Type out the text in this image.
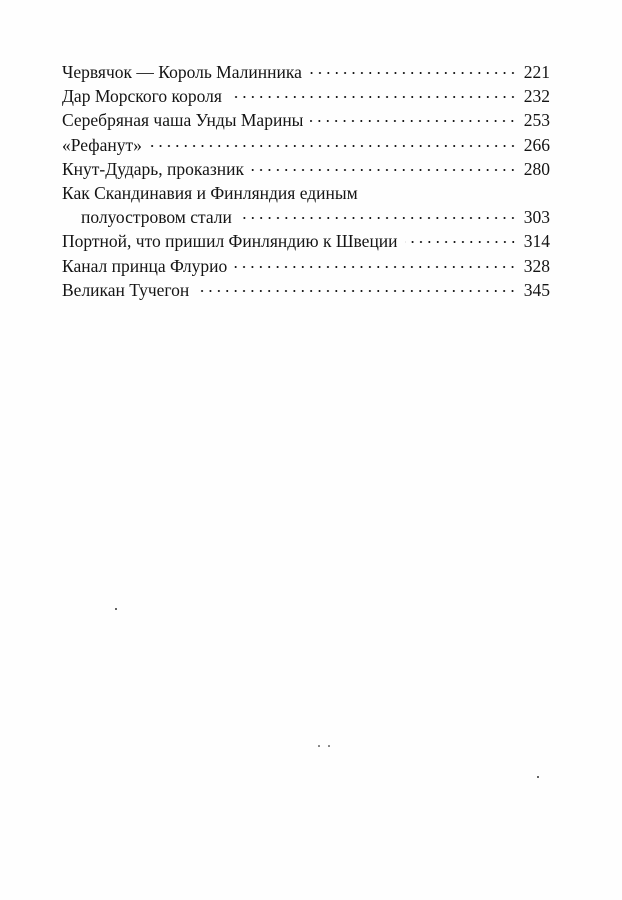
Червячок — Король Малинника	221
Дар Морского короля	232
Серебряная чаша Унды Марины	253
«Рефанут»	266
Кнут-Дударь, проказник	280
Как Скандинавия и Финляндия единым
полуостровом стали	303
Портной, что пришил Финляндию к Швеции	314
Канал принца Флурио	328
Великан Тучегон	345
